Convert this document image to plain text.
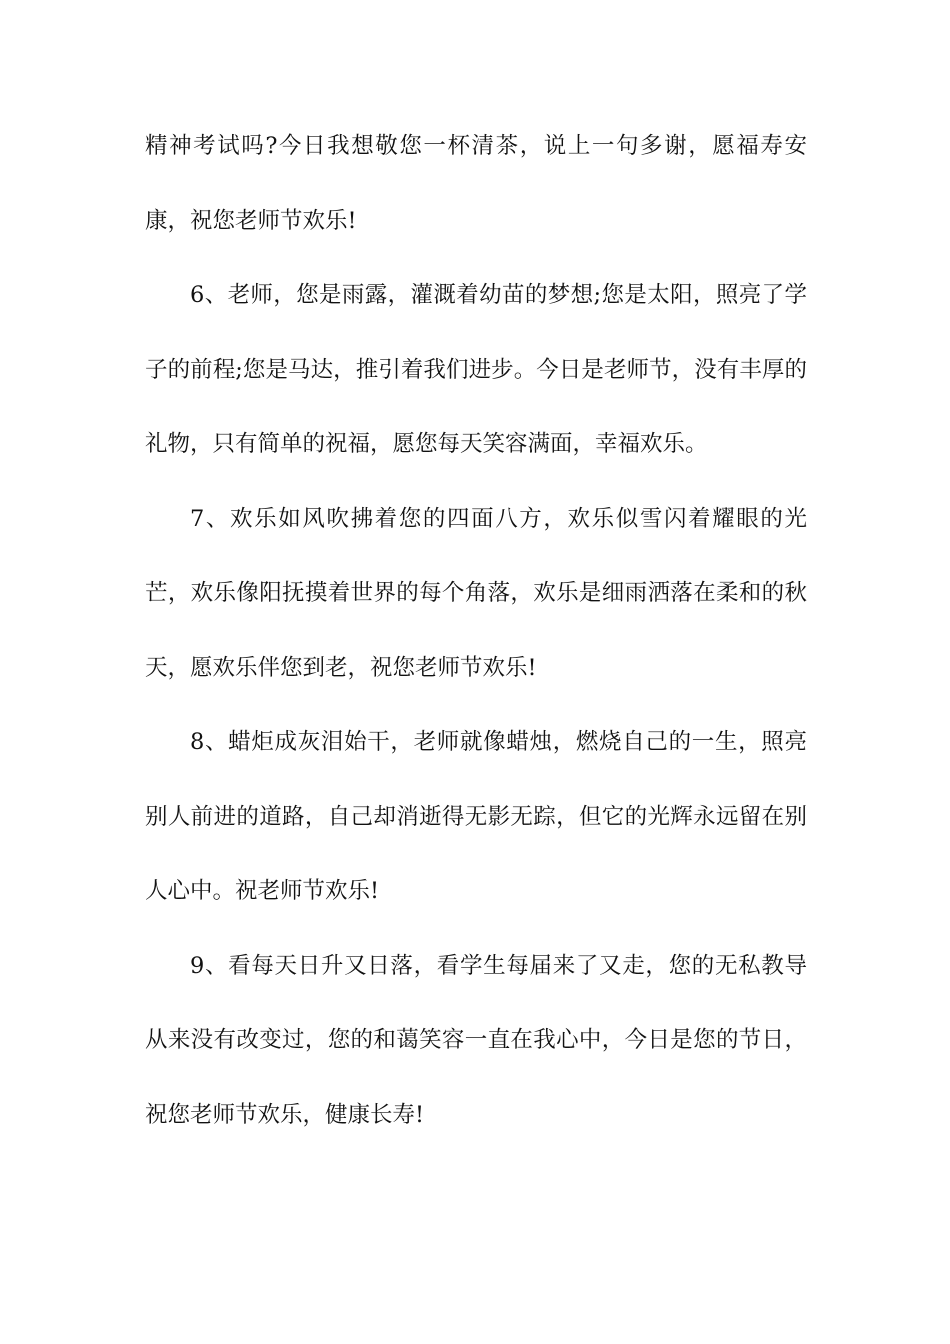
精神考试吗?今日我想敬您一杯清茶，说上一句多谢，愿福寿安康，祝您老师节欢乐!

6、老师，您是雨露，灌溉着幼苗的梦想;您是太阳，照亮了学子的前程;您是马达，推引着我们进步。今日是老师节，没有丰厚的礼物，只有简单的祝福，愿您每天笑容满面，幸福欢乐。

7、欢乐如风吹拂着您的四面八方，欢乐似雪闪着耀眼的光芒，欢乐像阳抚摸着世界的每个角落，欢乐是细雨洒落在柔和的秋天，愿欢乐伴您到老，祝您老师节欢乐!

8、蜡炬成灰泪始干，老师就像蜡烛，燃烧自己的一生，照亮别人前进的道路，自己却消逝得无影无踪，但它的光辉永远留在别人心中。祝老师节欢乐!

9、看每天日升又日落，看学生每届来了又走，您的无私教导从来没有改变过，您的和蔼笑容一直在我心中，今日是您的节日，祝您老师节欢乐，健康长寿!
